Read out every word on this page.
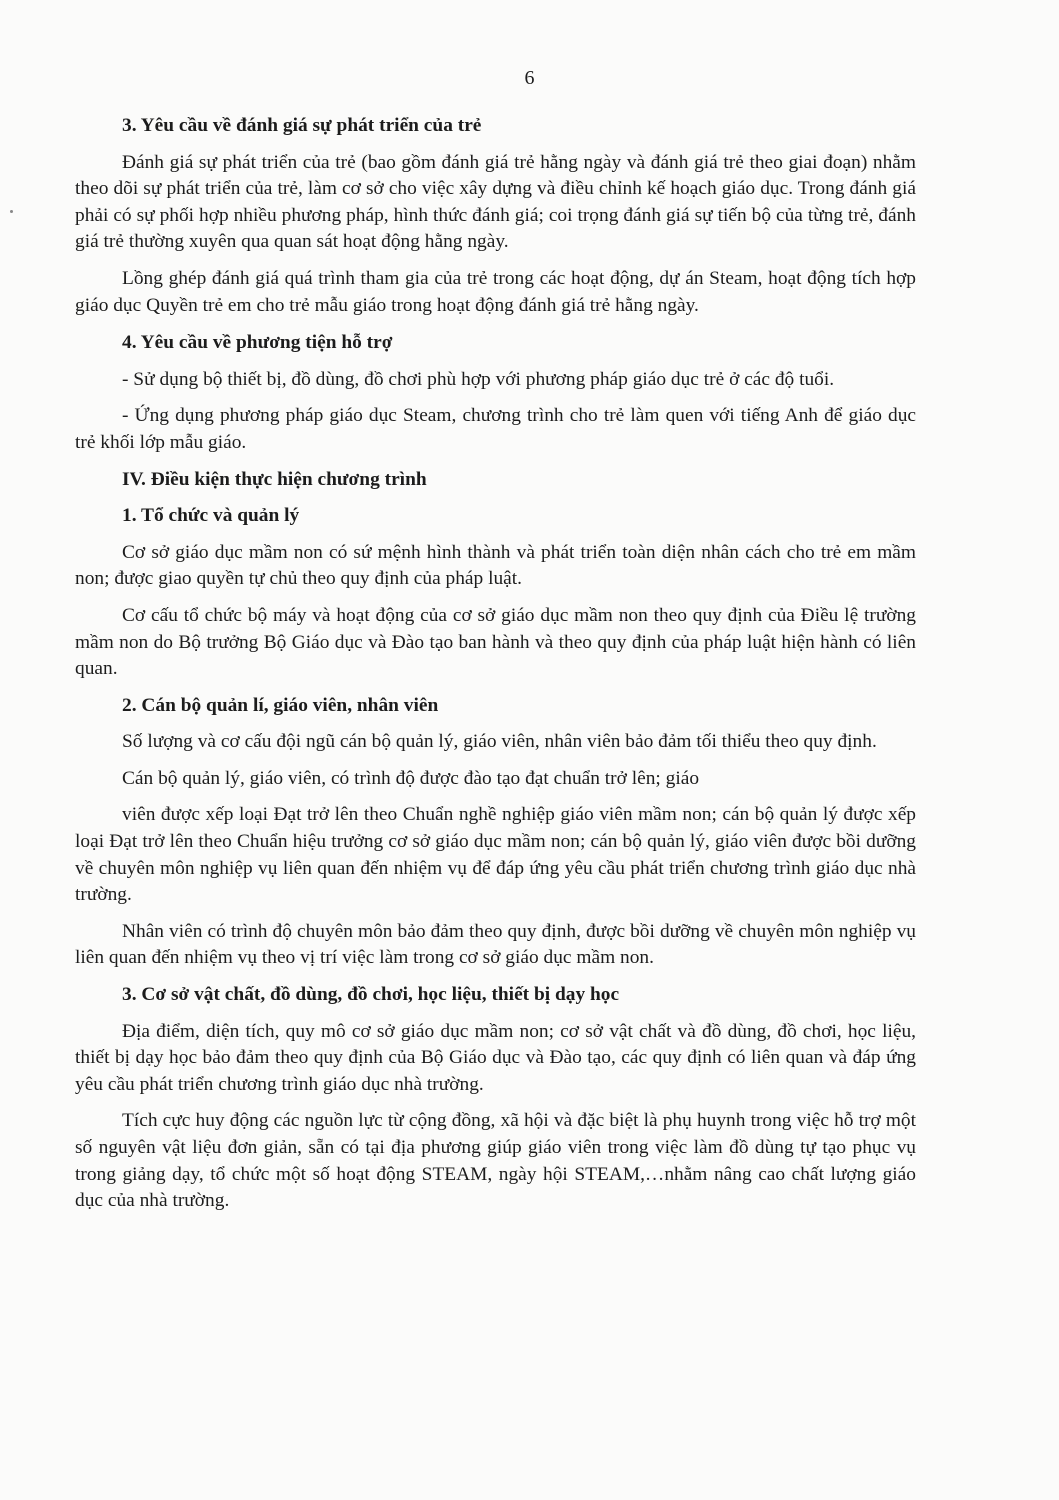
6
3. Yêu cầu về đánh giá sự phát triển của trẻ

Đánh giá sự phát triển của trẻ (bao gồm đánh giá trẻ hằng ngày và đánh giá trẻ theo giai đoạn) nhằm theo dõi sự phát triển của trẻ, làm cơ sở cho việc xây dựng và điều chỉnh kế hoạch giáo dục. Trong đánh giá phải có sự phối hợp nhiều phương pháp, hình thức đánh giá; coi trọng đánh giá sự tiến bộ của từng trẻ, đánh giá trẻ thường xuyên qua quan sát hoạt động hằng ngày.

Lồng ghép đánh giá quá trình tham gia của trẻ trong các hoạt động, dự án Steam, hoạt động tích hợp giáo dục Quyền trẻ em cho trẻ mẫu giáo trong hoạt động đánh giá trẻ hằng ngày.

4. Yêu cầu về phương tiện hỗ trợ

- Sử dụng bộ thiết bị, đồ dùng, đồ chơi phù hợp với phương pháp giáo dục trẻ ở các độ tuổi.

- Ứng dụng phương pháp giáo dục Steam, chương trình cho trẻ làm quen với tiếng Anh để giáo dục trẻ khối lớp mẫu giáo.

IV. Điều kiện thực hiện chương trình
1. Tổ chức và quản lý

Cơ sở giáo dục mầm non có sứ mệnh hình thành và phát triển toàn diện nhân cách cho trẻ em mầm non; được giao quyền tự chủ theo quy định của pháp luật.

Cơ cấu tổ chức bộ máy và hoạt động của cơ sở giáo dục mầm non theo quy định của Điều lệ trường mầm non do Bộ trưởng Bộ Giáo dục và Đào tạo ban hành và theo quy định của pháp luật hiện hành có liên quan.

2. Cán bộ quản lí, giáo viên, nhân viên

Số lượng và cơ cấu đội ngũ cán bộ quản lý, giáo viên, nhân viên bảo đảm tối thiểu theo quy định.

Cán bộ quản lý, giáo viên, có trình độ được đào tạo đạt chuẩn trở lên; giáo

viên được xếp loại Đạt trở lên theo Chuẩn nghề nghiệp giáo viên mầm non; cán bộ quản lý được xếp loại Đạt trở lên theo Chuẩn hiệu trưởng cơ sở giáo dục mầm non; cán bộ quản lý, giáo viên được bồi dưỡng về chuyên môn nghiệp vụ liên quan đến nhiệm vụ để đáp ứng yêu cầu phát triển chương trình giáo dục nhà trường.

Nhân viên có trình độ chuyên môn bảo đảm theo quy định, được bồi dưỡng về chuyên môn nghiệp vụ liên quan đến nhiệm vụ theo vị trí việc làm trong cơ sở giáo dục mầm non.

3. Cơ sở vật chất, đồ dùng, đồ chơi, học liệu, thiết bị dạy học

Địa điểm, diện tích, quy mô cơ sở giáo dục mầm non; cơ sở vật chất và đồ dùng, đồ chơi, học liệu, thiết bị dạy học bảo đảm theo quy định của Bộ Giáo dục và Đào tạo, các quy định có liên quan và đáp ứng yêu cầu phát triển chương trình giáo dục nhà trường.

Tích cực huy động các nguồn lực từ cộng đồng, xã hội và đặc biệt là phụ huynh trong việc hỗ trợ một số nguyên vật liệu đơn giản, sẵn có tại địa phương giúp giáo viên trong việc làm đồ dùng tự tạo phục vụ trong giảng dạy, tổ chức một số hoạt động STEAM, ngày hội STEAM,…nhằm nâng cao chất lượng giáo dục của nhà trường.
